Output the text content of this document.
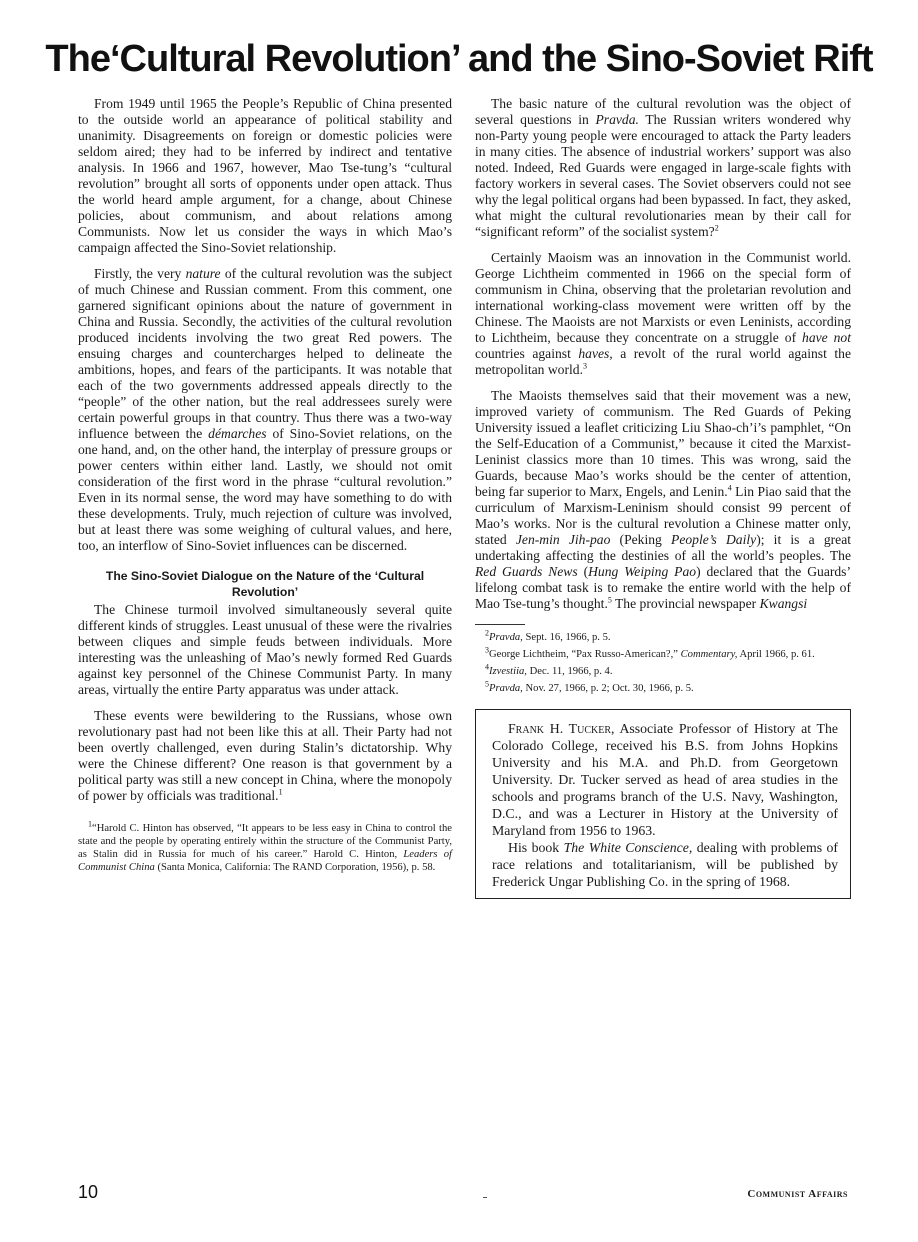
The‘Cultural Revolution’ and the Sino-Soviet Rift

From 1949 until 1965 the People’s Republic of China presented to the outside world an appearance of political stability and unanimity. Disagreements on foreign or domestic policies were seldom aired; they had to be inferred by indirect and tentative analysis. In 1966 and 1967, however, Mao Tse-tung’s “cultural revolution” brought all sorts of opponents under open attack. Thus the world heard ample argument, for a change, about Chinese policies, about communism, and about relations among Communists. Now let us consider the ways in which Mao’s campaign affected the Sino-Soviet relationship.

Firstly, the very nature of the cultural revolution was the subject of much Chinese and Russian comment. From this comment, one garnered significant opinions about the nature of government in China and Russia. Secondly, the activities of the cultural revolution produced incidents involving the two great Red powers. The ensuing charges and countercharges helped to delineate the ambitions, hopes, and fears of the participants. It was notable that each of the two governments addressed appeals directly to the “people” of the other nation, but the real addressees surely were certain powerful groups in that country. Thus there was a two-way influence between the démarches of Sino-Soviet relations, on the one hand, and, on the other hand, the interplay of pressure groups or power centers within either land. Lastly, we should not omit consideration of the first word in the phrase “cultural revolution.” Even in its normal sense, the word may have something to do with these developments. Truly, much rejection of culture was involved, but at least there was some weighing of cultural values, and here, too, an interflow of Sino-Soviet influences can be discerned.

The Sino-Soviet Dialogue on the Nature of the ‘Cultural Revolution’

The Chinese turmoil involved simultaneously several quite different kinds of struggles. Least unusual of these were the rivalries between cliques and simple feuds between individuals. More interesting was the unleashing of Mao’s newly formed Red Guards against key personnel of the Chinese Communist Party. In many areas, virtually the entire Party apparatus was under attack.

These events were bewildering to the Russians, whose own revolutionary past had not been like this at all. Their Party had not been overtly challenged, even during Stalin’s dictatorship. Why were the Chinese different? One reason is that government by a political party was still a new concept in China, where the monopoly of power by officials was traditional.$^1$

$^1$“Harold C. Hinton has observed, “It appears to be less easy in China to control the state and the people by operating entirely within the structure of the Communist Party, as Stalin did in Russia for much of his career.” Harold C. Hinton, Leaders of Communist China (Santa Monica, California: The RAND Corporation, 1956), p. 58.

The basic nature of the cultural revolution was the object of several questions in Pravda. The Russian writers wondered why non-Party young people were encouraged to attack the Party leaders in many cities. The absence of industrial workers’ support was also noted. Indeed, Red Guards were engaged in large-scale fights with factory workers in several cases. The Soviet observers could not see why the legal political organs had been bypassed. In fact, they asked, what might the cultural revolutionaries mean by their call for “significant reform” of the socialist system?$^2$

Certainly Maoism was an innovation in the Communist world. George Lichtheim commented in 1966 on the special form of communism in China, observing that the proletarian revolution and international working-class movement were written off by the Chinese. The Maoists are not Marxists or even Leninists, according to Lichtheim, because they concentrate on a struggle of have not countries against haves, a revolt of the rural world against the metropolitan world.$^3$

The Maoists themselves said that their movement was a new, improved variety of communism. The Red Guards of Peking University issued a leaflet criticizing Liu Shao-ch’i’s pamphlet, “On the Self-Education of a Communist,” because it cited the Marxist-Leninist classics more than 10 times. This was wrong, said the Guards, because Mao’s works should be the center of attention, being far superior to Marx, Engels, and Lenin.$^4$ Lin Piao said that the curriculum of Marxism-Leninism should consist 99 percent of Mao’s works. Nor is the cultural revolution a Chinese matter only, stated Jen-min Jih-pao (Peking People’s Daily); it is a great undertaking affecting the destinies of all the world’s peoples. The Red Guards News (Hung Weiping Pao) declared that the Guards’ lifelong combat task is to remake the entire world with the help of Mao Tse-tung’s thought.$^5$ The provincial newspaper Kwangsi

$^2$Pravda, Sept. 16, 1966, p. 5.

$^3$George Lichtheim, “Pax Russo-American?,” Commentary, April 1966, p. 61.

$^4$Izvestiia, Dec. 11, 1966, p. 4.

$^5$Pravda, Nov. 27, 1966, p. 2; Oct. 30, 1966, p. 5.

Frank H. Tucker, Associate Professor of History at The Colorado College, received his B.S. from Johns Hopkins University and his M.A. and Ph.D. from Georgetown University. Dr. Tucker served as head of area studies in the schools and programs branch of the U.S. Navy, Washington, D.C., and was a Lecturer in History at the University of Maryland from 1956 to 1963.

His book The White Conscience, dealing with problems of race relations and totalitarianism, will be published by Frederick Ungar Publishing Co. in the spring of 1968.

10	Communist Affairs
